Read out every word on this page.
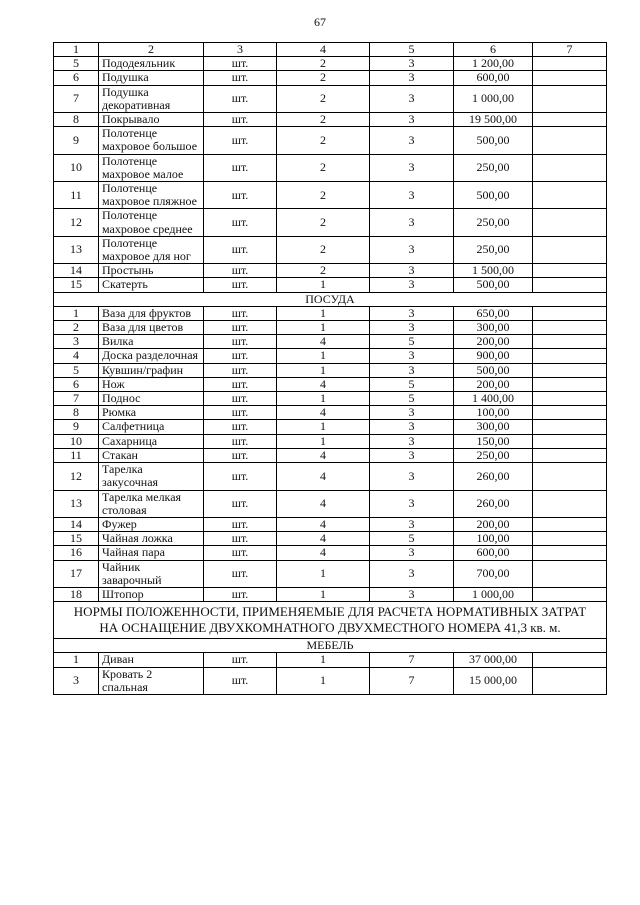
67
1	2	3	4	5	6	7
5	Пододеяльник	шт.	2	3	1 200,00	
6	Подушка	шт.	2	3	600,00	
7	Подушка декоративная	шт.	2	3	1 000,00	
8	Покрывало	шт.	2	3	19 500,00	
9	Полотенце махровое большое	шт.	2	3	500,00	
10	Полотенце махровое малое	шт.	2	3	250,00	
11	Полотенце махровое пляжное	шт.	2	3	500,00	
12	Полотенце махровое среднее	шт.	2	3	250,00	
13	Полотенце махровое для ног	шт.	2	3	250,00	
14	Простынь	шт.	2	3	1 500,00	
15	Скатерть	шт.	1	3	500,00	
ПОСУДА						
1	Ваза для фруктов	шт.	1	3	650,00	
2	Ваза для цветов	шт.	1	3	300,00	
3	Вилка	шт.	4	5	200,00	
4	Доска разделочная	шт.	1	3	900,00	
5	Кувшин/графин	шт.	1	3	500,00	
6	Нож	шт.	4	5	200,00	
7	Поднос	шт.	1	5	1 400,00	
8	Рюмка	шт.	4	3	100,00	
9	Салфетница	шт.	1	3	300,00	
10	Сахарница	шт.	1	3	150,00	
11	Стакан	шт.	4	3	250,00	
12	Тарелка закусочная	шт.	4	3	260,00	
13	Тарелка мелкая столовая	шт.	4	3	260,00	
14	Фужер	шт.	4	3	200,00	
15	Чайная ложка	шт.	4	5	100,00	
16	Чайная пара	шт.	4	3	600,00	
17	Чайник заварочный	шт.	1	3	700,00	
18	Штопор	шт.	1	3	1 000,00	

НОРМЫ ПОЛОЖЕННОСТИ, ПРИМЕНЯЕМЫЕ ДЛЯ РАСЧЕТА НОРМАТИВНЫХ ЗАТРАТ
НА ОСНАЩЕНИЕ ДВУХКОМНАТНОГО ДВУХМЕСТНОГО НОМЕРА 41,3 кв. м.						

МЕБЕЛЬ						
1	Диван	шт.	1	7	37 000,00	
3	Кровать 2 спальная	шт.	1	7	15 000,00	
